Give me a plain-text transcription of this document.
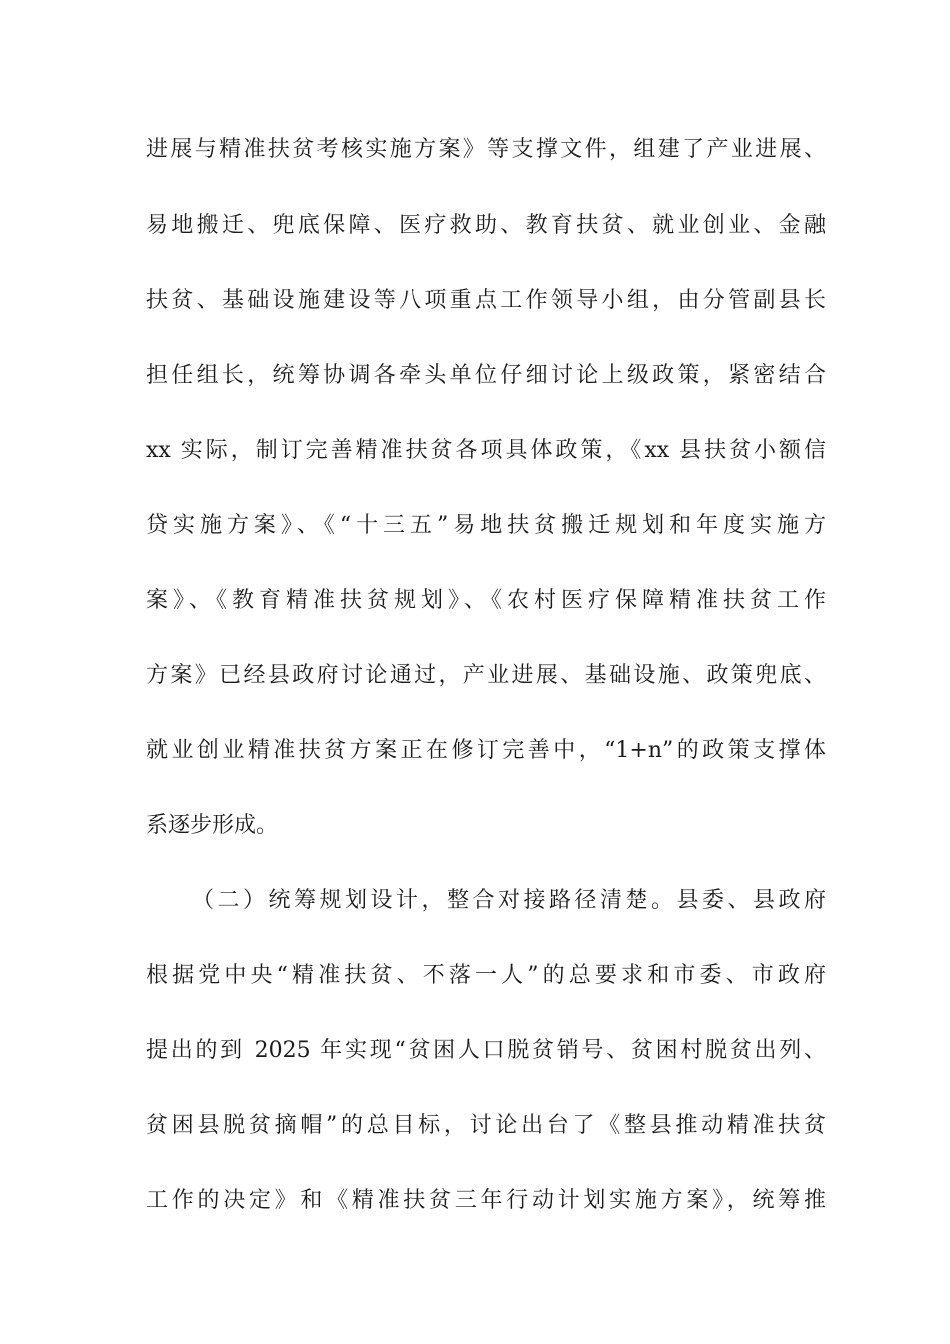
进展与精准扶贫考核实施方案》等支撑文件，组建了产业进展、
易地搬迁、兜底保障、医疗救助、教育扶贫、就业创业、金融
扶贫、基础设施建设等八项重点工作领导小组，由分管副县长
担任组长，统筹协调各牵头单位仔细讨论上级政策，紧密结合
xx 实际，制订完善精准扶贫各项具体政策，《xx 县扶贫小额信
贷实施方案》、《“十三五”易地扶贫搬迁规划和年度实施方
案》、《教育精准扶贫规划》、《农村医疗保障精准扶贫工作
方案》已经县政府讨论通过，产业进展、基础设施、政策兜底、
就业创业精准扶贫方案正在修订完善中，“1+n”的政策支撑体
系逐步形成。
（二）统筹规划设计，整合对接路径清楚。县委、县政府
根据党中央“精准扶贫、不落一人”的总要求和市委、市政府
提出的到 2025 年实现“贫困人口脱贫销号、贫困村脱贫出列、
贫困县脱贫摘帽”的总目标，讨论出台了《整县推动精准扶贫
工作的决定》和《精准扶贫三年行动计划实施方案》，统筹推
